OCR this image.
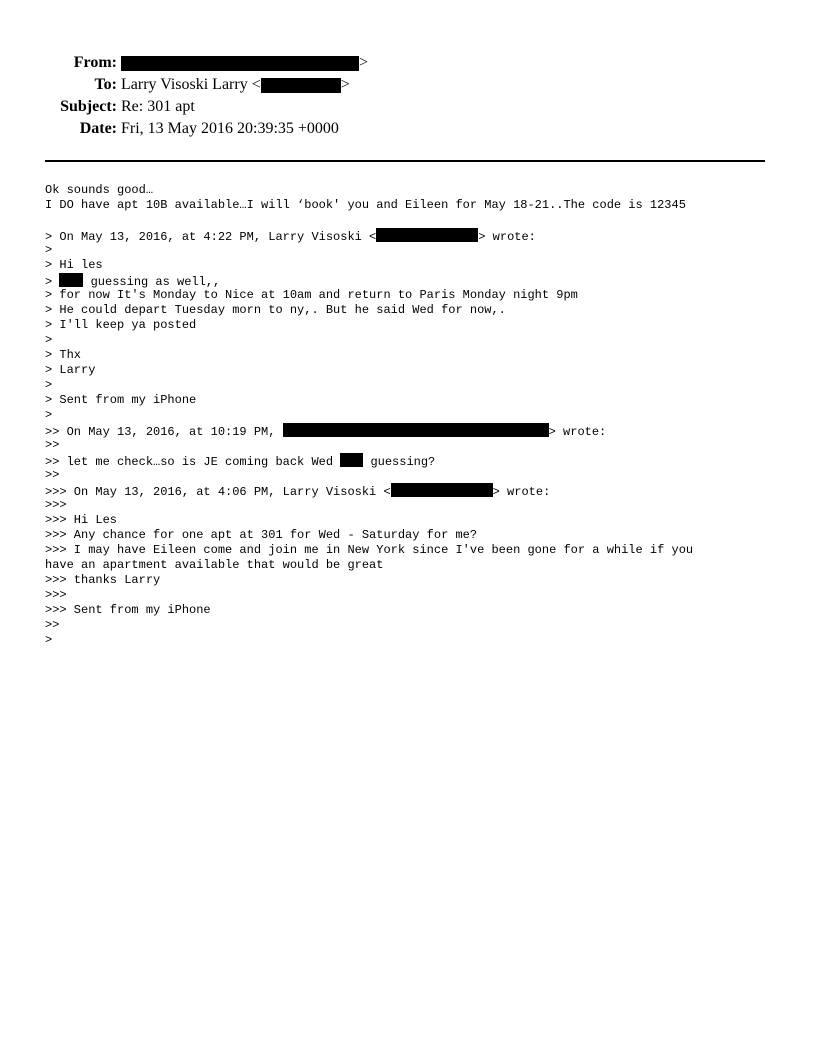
From:	>
To: Larry Visoski Larry <	>
Subject: Re: 301 apt
Date: Fri, 13 May 2016 20:39:35 +0000
Ok sounds good…
I DO have apt 10B available…I will ‘book' you and Eileen for May 18-21..The code is 12345
> On May 13, 2016, at 4:22 PM, Larry Visoski <	> wrote:
>
> Hi les
>  guessing as well,,
> for now It's Monday to Nice at 10am and return to Paris Monday night 9pm
> He could depart Tuesday morn to ny,. But he said Wed for now,.
> I'll keep ya posted
>
> Thx
> Larry
>
> Sent from my iPhone
>
>> On May 13, 2016, at 10:19 PM,	> wrote:
>>
>> let me check…so is JE coming back Wed  guessing?
>>
>>> On May 13, 2016, at 4:06 PM, Larry Visoski <	> wrote:
>>>
>>> Hi Les
>>> Any chance for one apt at 301 for Wed - Saturday for me?
>>> I may have Eileen come and join me in New York since I've been gone for a while if you
have an apartment available that would be great
>>> thanks Larry
>>>
>>> Sent from my iPhone
>>
>
